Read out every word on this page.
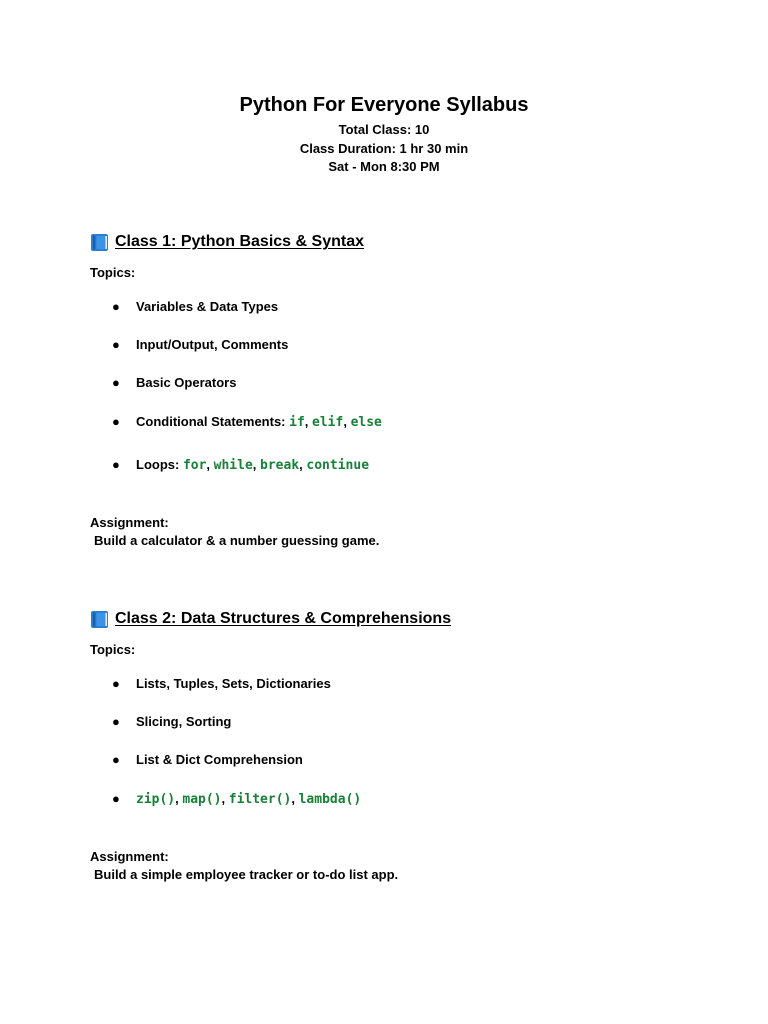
Python For Everyone Syllabus
Total Class: 10
Class Duration: 1 hr 30 min
Sat - Mon 8:30 PM
Class 1: Python Basics & Syntax
Topics:
● Variables & Data Types
● Input/Output, Comments
● Basic Operators
● Conditional Statements: if, elif, else
● Loops: for, while, break, continue
Assignment:
Build a calculator & a number guessing game.
Class 2: Data Structures & Comprehensions
Topics:
● Lists, Tuples, Sets, Dictionaries
● Slicing, Sorting
● List & Dict Comprehension
● zip(), map(), filter(), lambda()
Assignment:
Build a simple employee tracker or to-do list app.
